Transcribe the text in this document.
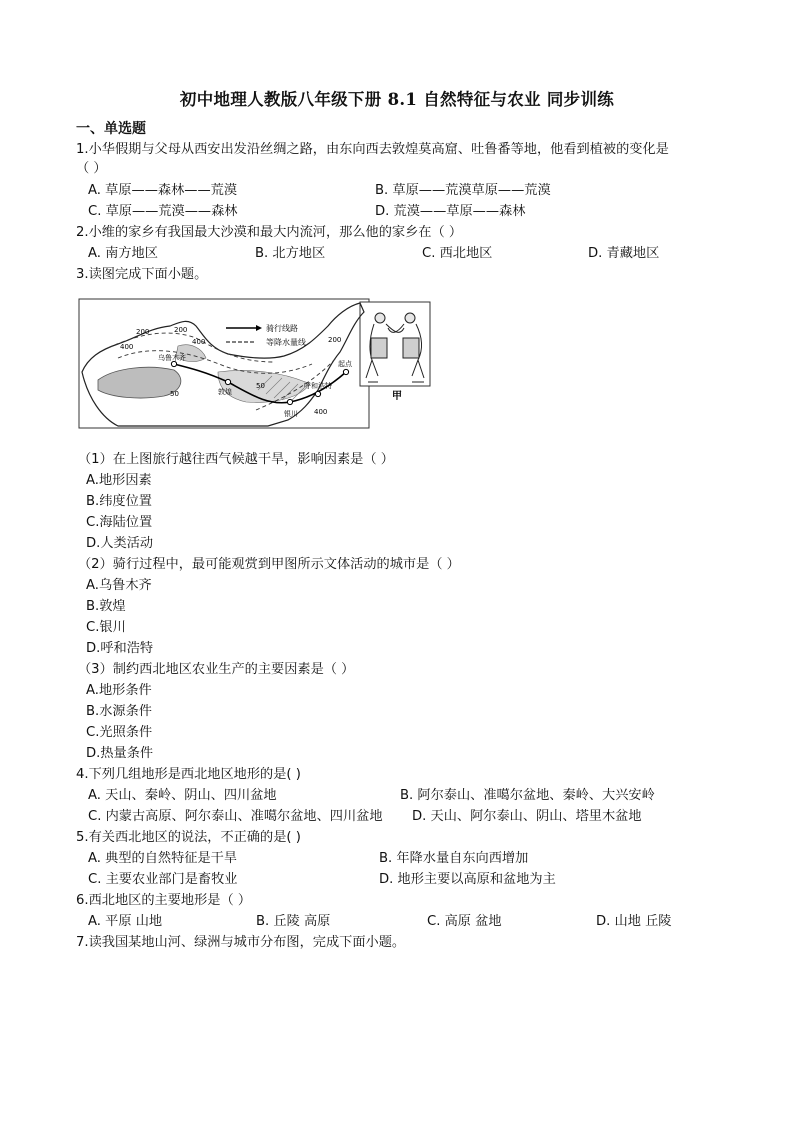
初中地理人教版八年级下册 8.1 自然特征与农业 同步训练
一、单选题
1.小华假期与父母从西安出发沿丝绸之路，由东向西去敦煌莫高窟、吐鲁番等地，他看到植被的变化是
（ ）
A. 草原——森林——荒漠	B. 草原——荒漠草原——荒漠
C. 草原——荒漠——森林	D. 荒漠——草原——森林
2.小维的家乡有我国最大沙漠和最大内流河，那么他的家乡在（ ）
A. 南方地区	B. 北方地区	C. 西北地区	D. 青藏地区
3.读图完成下面小题。
骑行线路
等降水量线
200
400
200
400
乌鲁木齐
50	敦煌
50
起点
呼和浩特
银川 400
200
甲
（1）在上图旅行越往西气候越干旱，影响因素是（ ）
A.地形因素
B.纬度位置
C.海陆位置
D.人类活动
（2）骑行过程中，最可能观赏到甲图所示文体活动的城市是（ ）
A.乌鲁木齐
B.敦煌
C.银川
D.呼和浩特
（3）制约西北地区农业生产的主要因素是（ ）
A.地形条件
B.水源条件
C.光照条件
D.热量条件
4.下列几组地形是西北地区地形的是( )
A. 天山、秦岭、阴山、四川盆地	B. 阿尔泰山、准噶尔盆地、秦岭、大兴安岭
C. 内蒙古高原、阿尔泰山、准噶尔盆地、四川盆地 D. 天山、阿尔泰山、阴山、塔里木盆地
5.有关西北地区的说法，不正确的是( )
A. 典型的自然特征是干旱	B. 年降水量自东向西增加
C. 主要农业部门是畜牧业	D. 地形主要以高原和盆地为主
6.西北地区的主要地形是（ ）
A. 平原 山地	B. 丘陵 高原	C. 高原 盆地	D. 山地 丘陵
7.读我国某地山河、绿洲与城市分布图，完成下面小题。
